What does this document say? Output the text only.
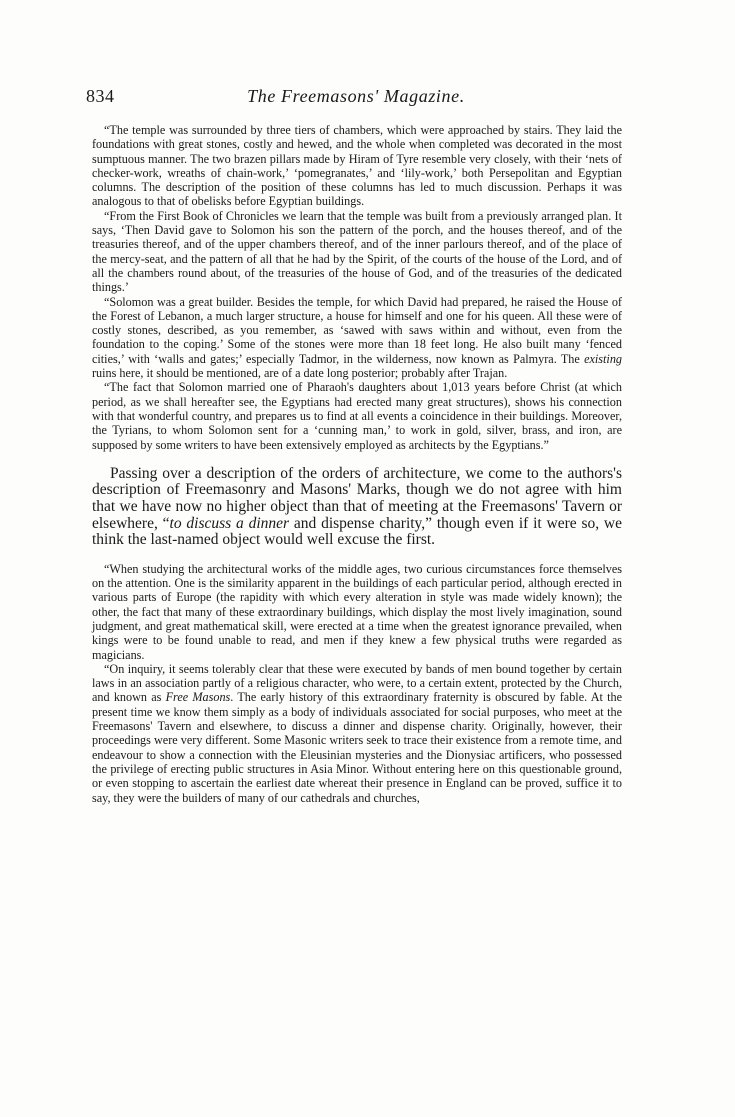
834	The Freemasons' Magazine.

“The temple was surrounded by three tiers of chambers, which were approached by stairs. They laid the foundations with great stones, costly and hewed, and the whole when completed was decorated in the most sumptuous manner. The two brazen pillars made by Hiram of Tyre resemble very closely, with their ‘nets of checker-work, wreaths of chain-work,’ ‘pomegranates,’ and ‘lily-work,’ both Persepolitan and Egyptian columns. The description of the position of these columns has led to much discussion. Perhaps it was analogous to that of obelisks before Egyptian buildings.

“From the First Book of Chronicles we learn that the temple was built from a previously arranged plan. It says, ‘Then David gave to Solomon his son the pattern of the porch, and the houses thereof, and of the treasuries thereof, and of the upper chambers thereof, and of the inner parlours thereof, and of the place of the mercy-seat, and the pattern of all that he had by the Spirit, of the courts of the house of the Lord, and of all the chambers round about, of the treasuries of the house of God, and of the treasuries of the dedicated things.’

“Solomon was a great builder. Besides the temple, for which David had prepared, he raised the House of the Forest of Lebanon, a much larger structure, a house for himself and one for his queen. All these were of costly stones, described, as you remember, as ‘sawed with saws within and without, even from the foundation to the coping.’ Some of the stones were more than 18 feet long. He also built many ‘fenced cities,’ with ‘walls and gates;’ especially Tadmor, in the wilderness, now known as Palmyra. The existing ruins here, it should be mentioned, are of a date long posterior; probably after Trajan.

“The fact that Solomon married one of Pharaoh's daughters about 1,013 years before Christ (at which period, as we shall hereafter see, the Egyptians had erected many great structures), shows his connection with that wonderful country, and prepares us to find at all events a coincidence in their buildings. Moreover, the Tyrians, to whom Solomon sent for a ‘cunning man,’ to work in gold, silver, brass, and iron, are supposed by some writers to have been extensively employed as architects by the Egyptians.”

Passing over a description of the orders of architecture, we come to the authors's description of Freemasonry and Masons' Marks, though we do not agree with him that we have now no higher object than that of meeting at the Freemasons' Tavern or elsewhere, “to discuss a dinner and dispense charity,” though even if it were so, we think the last-named object would well excuse the first.

“When studying the architectural works of the middle ages, two curious circumstances force themselves on the attention. One is the similarity apparent in the buildings of each particular period, although erected in various parts of Europe (the rapidity with which every alteration in style was made widely known); the other, the fact that many of these extraordinary buildings, which display the most lively imagination, sound judgment, and great mathematical skill, were erected at a time when the greatest ignorance prevailed, when kings were to be found unable to read, and men if they knew a few physical truths were regarded as magicians.

“On inquiry, it seems tolerably clear that these were executed by bands of men bound together by certain laws in an association partly of a religious character, who were, to a certain extent, protected by the Church, and known as Free Masons. The early history of this extraordinary fraternity is obscured by fable. At the present time we know them simply as a body of individuals associated for social purposes, who meet at the Freemasons' Tavern and elsewhere, to discuss a dinner and dispense charity. Originally, however, their proceedings were very different. Some Masonic writers seek to trace their existence from a remote time, and endeavour to show a connection with the Eleusinian mysteries and the Dionysiac artificers, who possessed the privilege of erecting public structures in Asia Minor. Without entering here on this questionable ground, or even stopping to ascertain the earliest date whereat their presence in England can be proved, suffice it to say, they were the builders of many of our cathedrals and churches,
